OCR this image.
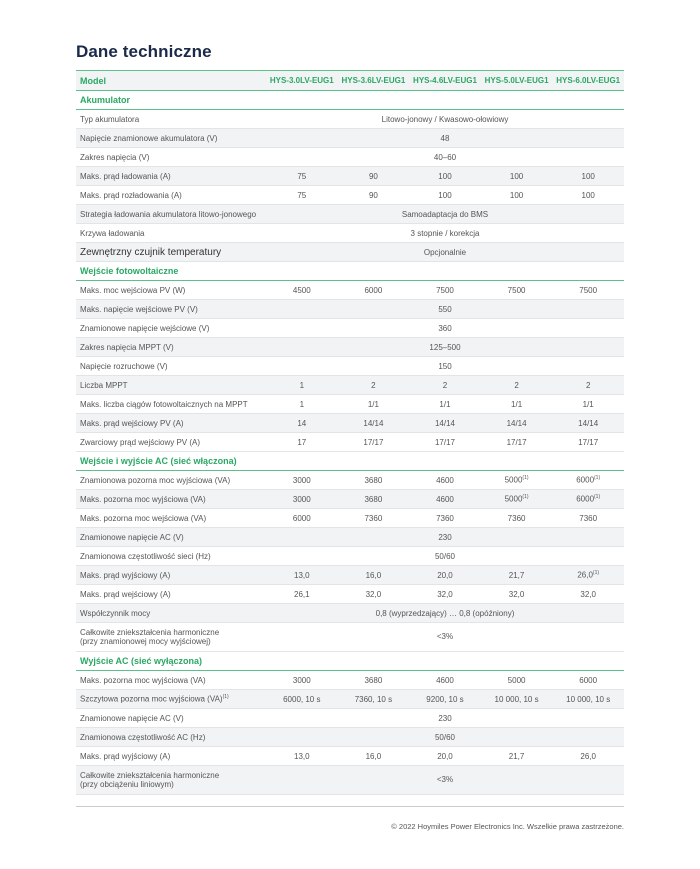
Dane techniczne
Model	HYS-3.0LV-EUG1	HYS-3.6LV-EUG1	HYS-4.6LV-EUG1	HYS-5.0LV-EUG1	HYS-6.0LV-EUG1
Akumulator					
Typ akumulatora	Litowo-jonowy / Kwasowo-ołowiowy				
Napięcie znamionowe akumulatora (V)	48				
Zakres napięcia (V)	40–60				
Maks. prąd ładowania (A)	75	90	100	100	100
Maks. prąd rozładowania (A)	75	90	100	100	100
Strategia ładowania akumulatora litowo-jonowego	Samoadaptacja do BMS				
Krzywa ładowania	3 stopnie / korekcja				
Zewnętrzny czujnik temperatury	Opcjonalnie				
Wejście fotowoltaiczne					
Maks. moc wejściowa PV (W)	4500	6000	7500	7500	7500
Maks. napięcie wejściowe PV (V)	550				
Znamionowe napięcie wejściowe (V)	360				
Zakres napięcia MPPT (V)	125–500				
Napięcie rozruchowe (V)	150				
Liczba MPPT	1	2	2	2	2
Maks. liczba ciągów fotowoltaicznych na MPPT	1	1/1	1/1	1/1	1/1
Maks. prąd wejściowy PV (A)	14	14/14	14/14	14/14	14/14
Zwarciowy prąd wejściowy PV (A)	17	17/17	17/17	17/17	17/17
Wejście i wyjście AC (sieć włączona)					
Znamionowa pozorna moc wyjściowa (VA)	3000	3680	4600	5000$^{(1)}$	6000$^{(1)}$
Maks. pozorna moc wyjściowa (VA)	3000	3680	4600	5000$^{(1)}$	6000$^{(1)}$
Maks. pozorna moc wejściowa (VA)	6000	7360	7360	7360	7360
Znamionowe napięcie AC (V)	230				
Znamionowa częstotliwość sieci (Hz)	50/60				
Maks. prąd wyjściowy (A)	13,0	16,0	20,0	21,7	26,0$^{(1)}$
Maks. prąd wejściowy (A)	26,1	32,0	32,0	32,0	32,0
Współczynnik mocy	0,8 (wyprzedzający) … 0,8 (opóźniony)				
Całkowite zniekształcenia harmoniczne
(przy znamionowej mocy wyjściowej)	<3%				
Wyjście AC (sieć wyłączona)					
Maks. pozorna moc wyjściowa (VA)	3000	3680	4600	5000	6000
Szczytowa pozorna moc wyjściowa (VA)$^{(1)}$	6000, 10 s	7360, 10 s	9200, 10 s	10 000, 10 s	10 000, 10 s
Znamionowe napięcie AC (V)	230				
Znamionowa częstotliwość AC (Hz)	50/60				
Maks. prąd wyjściowy (A)	13,0	16,0	20,0	21,7	26,0
Całkowite zniekształcenia harmoniczne
(przy obciążeniu liniowym)	<3%				
© 2022 Hoymiles Power Electronics Inc. Wszelkie prawa zastrzeżone.
